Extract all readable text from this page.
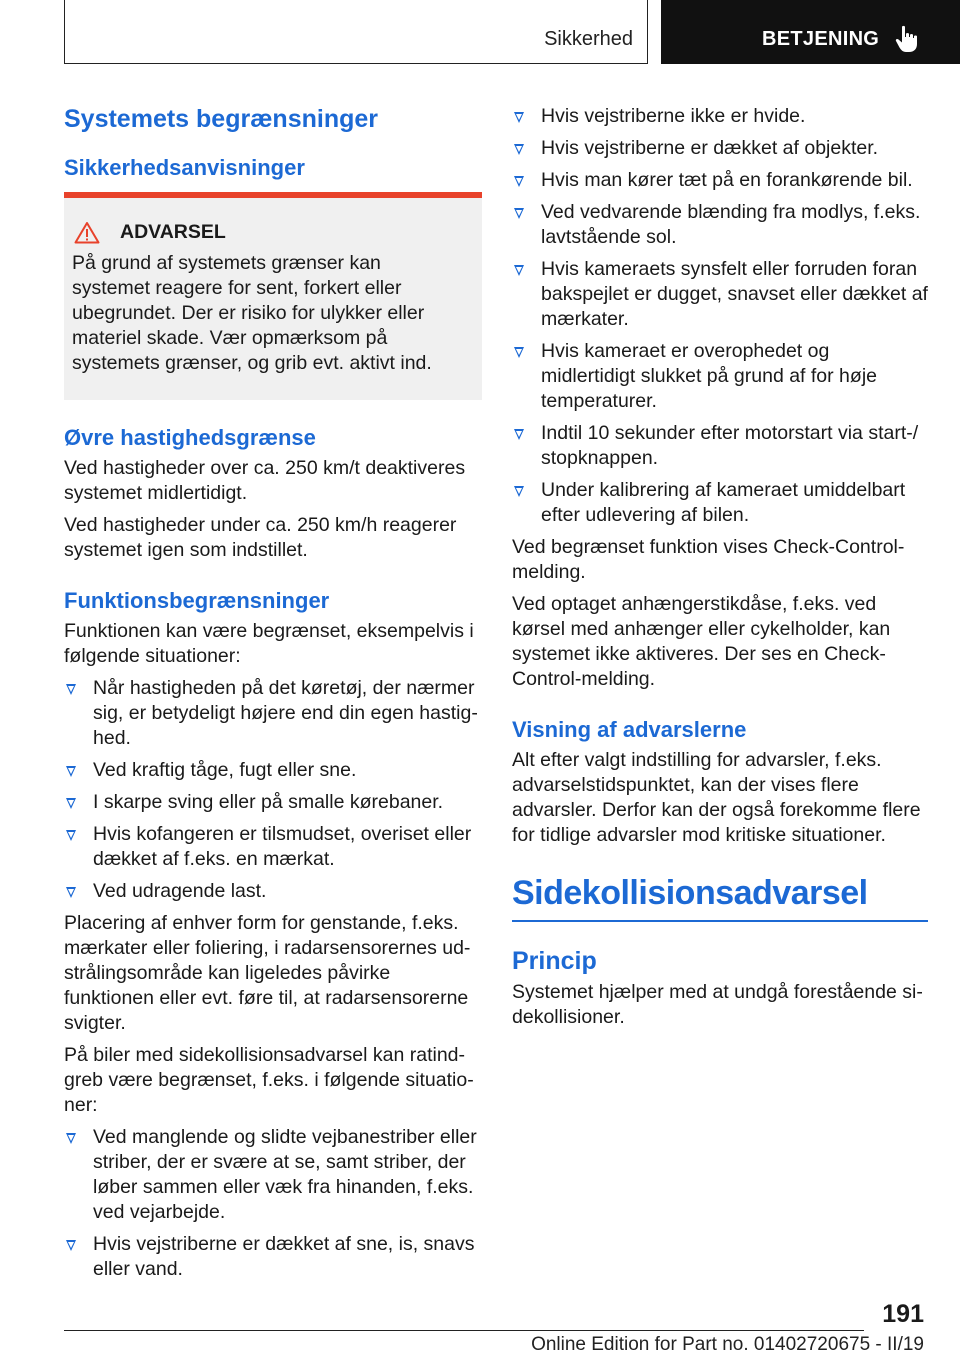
Sikkerhed	BETJENING
Systemets begrænsninger
Sikkerhedsanvisninger
ADVARSEL

På grund af systemets grænser kan systemet reagere for sent, forkert eller ubegrundet. Der er risiko for ulykker eller materiel skade. Vær opmærksom på systemets grænser, og grib evt. aktivt ind.

Øvre hastighedsgrænse

Ved hastigheder over ca. 250 km/t deaktiveres systemet midlertidigt.

Ved hastigheder under ca. 250 km/h reagerer systemet igen som indstillet.

Funktionsbegrænsninger

Funktionen kan være begrænset, eksempelvis i følgende situationer:

Når hastigheden på det køretøj, der nærmer sig, er betydeligt højere end din egen hastighed.
Ved kraftig tåge, fugt eller sne.
I skarpe sving eller på smalle kørebaner.
Hvis kofangeren er tilsmudset, overiset eller dækket af f.eks. en mærkat.
Ved udragende last.

Placering af enhver form for genstande, f.eks. mærkater eller foliering, i radarsensorernes udstrålingsområde kan ligeledes påvirke funktionen eller evt. føre til, at radarsensorerne svigter.

På biler med sidekollisionsadvarsel kan ratindgreb være begrænset, f.eks. i følgende situationer:

Ved manglende og slidte vejbanestriber eller striber, der er svære at se, samt striber, der løber sammen eller væk fra hinanden, f.eks. ved vejarbejde.
Hvis vejstriberne er dækket af sne, is, snavs eller vand.
Hvis vejstriberne ikke er hvide.
Hvis vejstriberne er dækket af objekter.
Hvis man kører tæt på en forankørende bil.
Ved vedvarende blænding fra modlys, f.eks. lavtstående sol.
Hvis kameraets synsfelt eller forruden foran bakspejlet er dugget, snavset eller dækket af mærkater.
Hvis kameraet er overophedet og midlertidigt slukket på grund af for høje temperaturer.
Indtil 10 sekunder efter motorstart via start-/ stopknappen.
Under kalibrering af kameraet umiddelbart efter udlevering af bilen.

Ved begrænset funktion vises Check-Control-melding.

Ved optaget anhængerstikdåse, f.eks. ved kørsel med anhænger eller cykelholder, kan systemet ikke aktiveres. Der ses en Check-Control-melding.

Visning af advarslerne

Alt efter valgt indstilling for advarsler, f.eks. advarselstidspunktet, kan der vises flere advarsler. Derfor kan der også forekomme flere for tidlige advarsler mod kritiske situationer.

Sidekollisionsadvarsel
Princip

Systemet hjælper med at undgå forestående sidekollisioner.

191
Online Edition for Part no. 01402720675 - II/19
